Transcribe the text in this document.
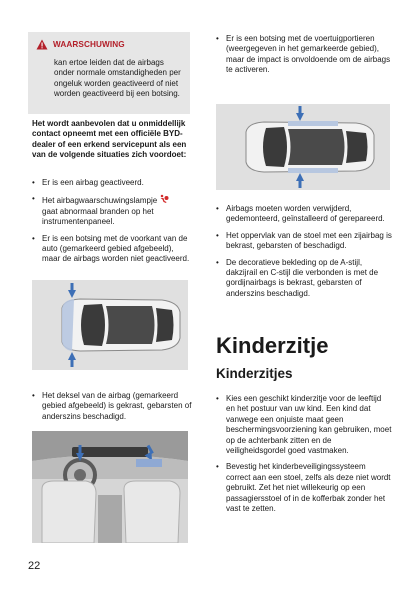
WAARSCHUWING
kan ertoe leiden dat de airbags onder normale omstandigheden per ongeluk worden geactiveerd of niet worden geactiveerd bij een botsing.
Het wordt aanbevolen dat u onmiddellijk contact opneemt met een officiële BYD-dealer of een erkend servicepunt als een van de volgende situaties zich voordoet:
• Er is een airbag geactiveerd.
• Het airbagwaarschuwingslampje
gaat abnormaal branden op het instrumentenpaneel.
• Er is een botsing met de voorkant van de auto (gemarkeerd gebied afgebeeld), maar de airbags worden niet geactiveerd.
• Het deksel van de airbag (gemarkeerd gebied afgebeeld) is gekrast, gebarsten of anderszins beschadigd.
• Er is een botsing met de voertuigportieren (weergegeven in het gemarkeerde gebied), maar de impact is onvoldoende om de airbags te activeren.
• Airbags moeten worden verwijderd, gedemonteerd, geïnstalleerd of gerepareerd.
• Het oppervlak van de stoel met een zijairbag is bekrast, gebarsten of beschadigd.
• De decoratieve bekleding op de A-stijl, dakzijrail en C-stijl die verbonden is met de gordijnairbags is bekrast, gebarsten of anderszins beschadigd.
Kinderzitje
Kinderzitjes
• Kies een geschikt kinderzitje voor de leeftijd en het postuur van uw kind. Een kind dat vanwege een onjuiste maat geen beschermingsvoorziening kan gebruiken, moet op de achterbank zitten en de veiligheidsgordel goed vastmaken.
• Bevestig het kinderbeveiligingssysteem correct aan een stoel, zelfs als deze niet wordt gebruikt. Zet het niet willekeurig op een passagiersstoel of in de kofferbak zonder het vast te zetten.
22
